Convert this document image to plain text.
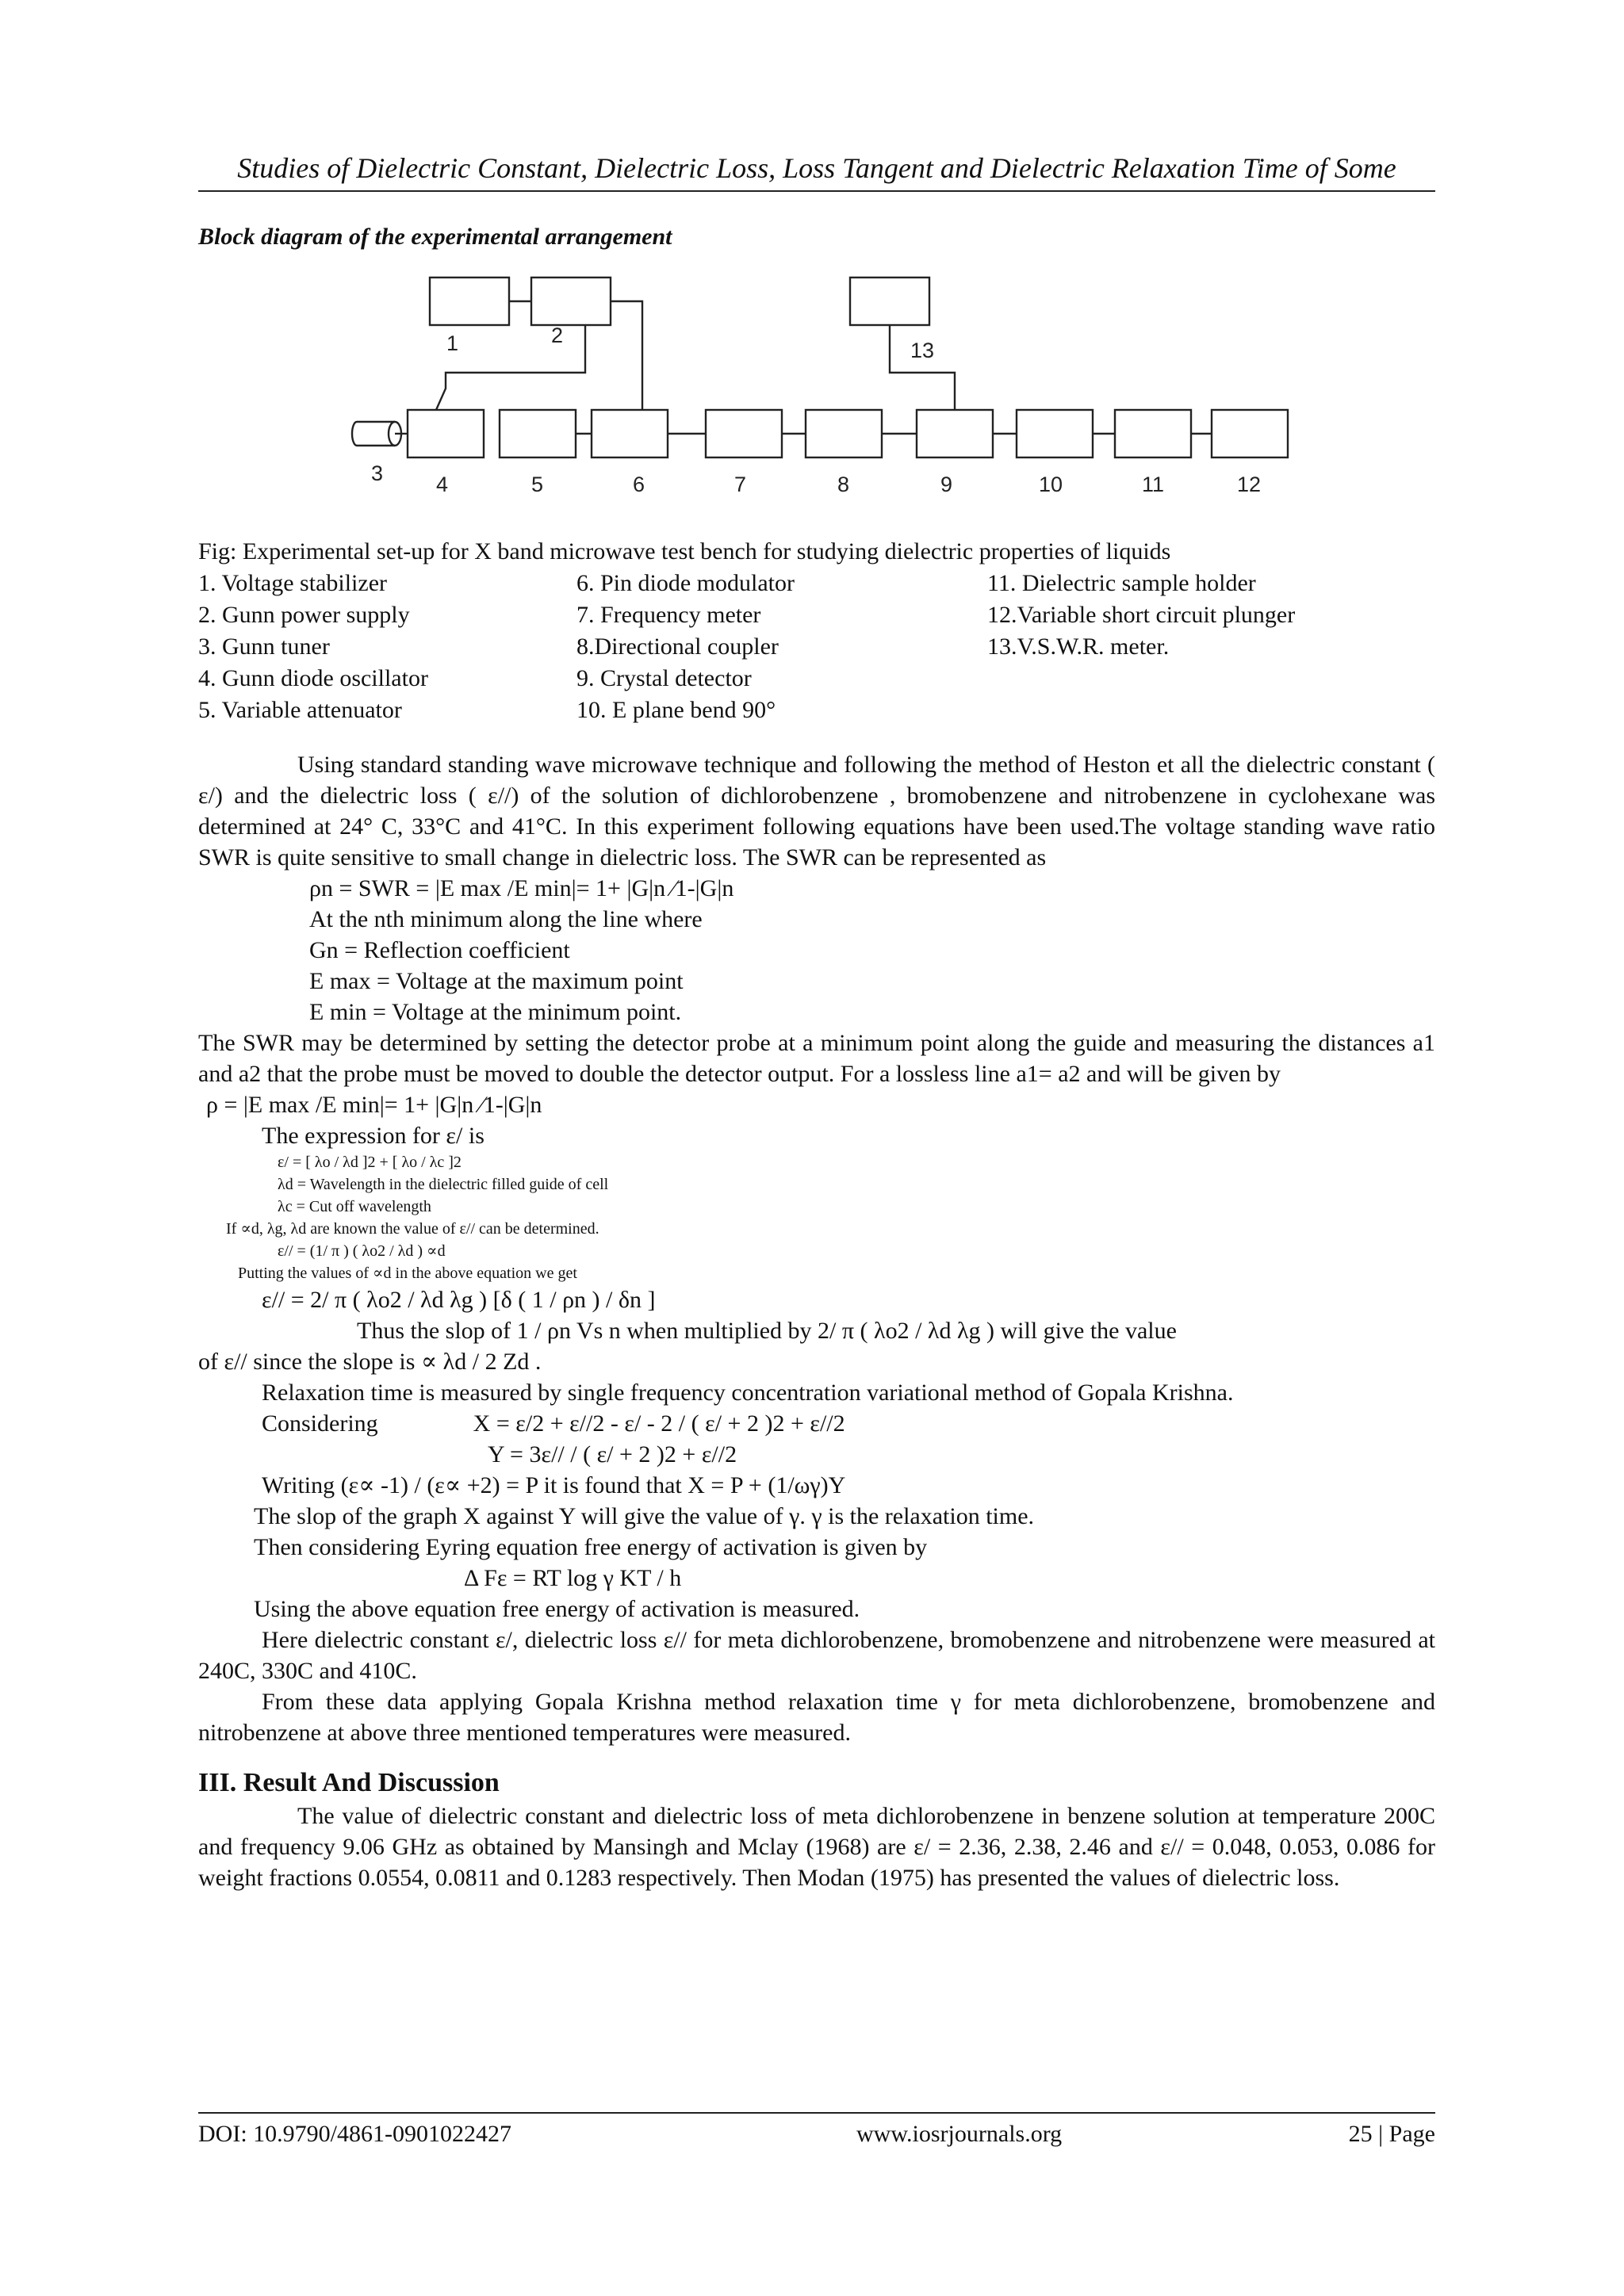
Studies of Dielectric Constant, Dielectric Loss, Loss Tangent and Dielectric Relaxation Time of Some
Block diagram of the experimental arrangement
1	2
13
3 4	5	6	7	8	9	10	11	12
Fig: Experimental set-up for X band microwave test bench for studying dielectric properties of liquids
1. Voltage stabilizer
2. Gunn power supply
3. Gunn tuner
4. Gunn diode oscillator
5. Variable attenuator
6. Pin diode modulator
7. Frequency meter
8.Directional coupler
9. Crystal detector
10. E plane bend 90°
11. Dielectric sample holder
12.Variable short circuit plunger
13.V.S.W.R. meter.

Using standard standing wave microwave technique and following the method of Heston et all the dielectric constant ( ε/) and the dielectric loss ( ε//) of the solution of dichlorobenzene , bromobenzene and nitrobenzene in cyclohexane was determined at 24° C, 33°C and 41°C. In this experiment following equations have been used.The voltage standing wave ratio SWR is quite sensitive to small change in dielectric loss. The SWR can be represented as

ρn = SWR = |E max /E min|= 1+ |G|n ⁄1-|G|n

At the nth minimum along the line where

Gn = Reflection coefficient

E max = Voltage at the maximum point

E min = Voltage at the minimum point.

The SWR may be determined by setting the detector probe at a minimum point along the guide and measuring the distances a1 and a2 that the probe must be moved to double the detector output. For a lossless line a1= a2 and will be given by

ρ = |E max /E min|= 1+ |G|n ⁄1-|G|n

The expression for ε/ is

ε/ = [ λo / λd ]2 + [ λo / λc ]2

λd = Wavelength in the dielectric filled guide of cell

λc = Cut off wavelength

If ∝d, λg, λd are known the value of ε// can be determined.

ε// = (1/ π ) ( λo2 / λd ) ∝d

Putting the values of ∝d in the above equation we get

ε// = 2/ π ( λo2 / λd λg ) [δ ( 1 / ρn ) / δn ]

Thus the slop of 1 / ρn Vs n when multiplied by 2/ π ( λo2 / λd λg ) will give the value

of ε// since the slope is ∝ λd / 2 Zd .

Relaxation time is measured by single frequency concentration variational method of Gopala Krishna.

Considering	X = ε/2 + ε//2 - ε/ - 2 / ( ε/ + 2 )2 + ε//2

Y = 3ε// / ( ε/ + 2 )2 + ε//2

Writing (ε∝ -1) / (ε∝ +2) = P it is found that X = P + (1/ωγ)Y

The slop of the graph X against Y will give the value of γ. γ is the relaxation time.

Then considering Eyring equation free energy of activation is given by

Δ Fε = RT log γ KT / h

Using the above equation free energy of activation is measured.

Here dielectric constant ε/, dielectric loss ε// for meta dichlorobenzene, bromobenzene and nitrobenzene were measured at 240C, 330C and 410C.

From these data applying Gopala Krishna method relaxation time γ for meta dichlorobenzene, bromobenzene and nitrobenzene at above three mentioned temperatures were measured.

III. Result And Discussion

The value of dielectric constant and dielectric loss of meta dichlorobenzene in benzene solution at temperature 200C and frequency 9.06 GHz as obtained by Mansingh and Mclay (1968) are ε/ = 2.36, 2.38, 2.46 and ε// = 0.048, 0.053, 0.086 for weight fractions 0.0554, 0.0811 and 0.1283 respectively. Then Modan (1975) has presented the values of dielectric loss.

DOI: 10.9790/4861-0901022427	www.iosrjournals.org	25 | Page
